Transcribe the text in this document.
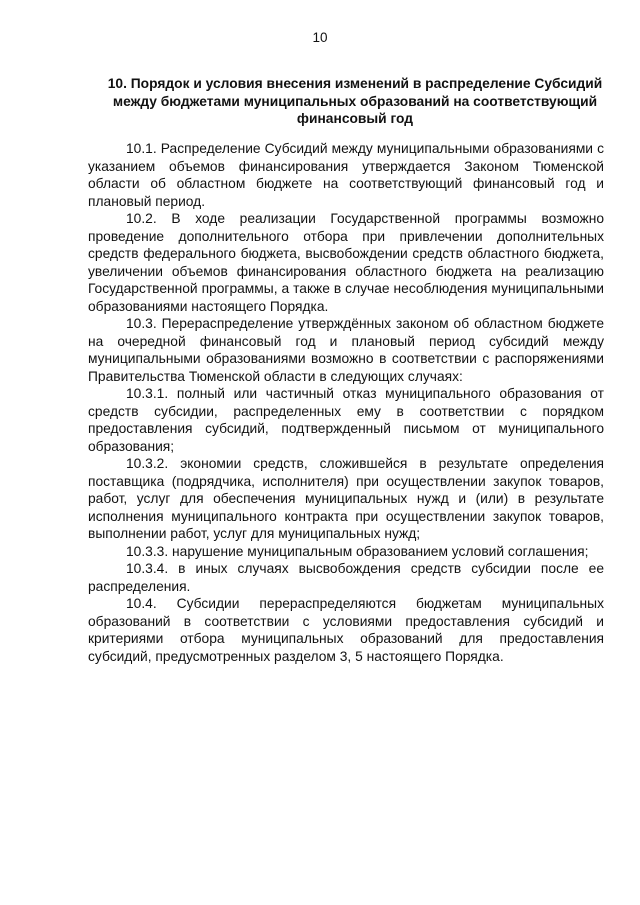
10
10. Порядок и условия внесения изменений в распределение Субсидий между бюджетами муниципальных образований на соответствующий финансовый год

10.1. Распределение Субсидий между муниципальными образованиями с указанием объемов финансирования утверждается Законом Тюменской области об областном бюджете на соответствующий финансовый год и плановый период.

10.2. В ходе реализации Государственной программы возможно проведение дополнительного отбора при привлечении дополнительных средств федерального бюджета, высвобождении средств областного бюджета, увеличении объемов финансирования областного бюджета на реализацию Государственной программы, а также в случае несоблюдения муниципальными образованиями настоящего Порядка.

10.3. Перераспределение утверждённых законом об областном бюджете на очередной финансовый год и плановый период субсидий между муниципальными образованиями возможно в соответствии с распоряжениями Правительства Тюменской области в следующих случаях:

10.3.1. полный или частичный отказ муниципального образования от средств субсидии, распределенных ему в соответствии с порядком предоставления субсидий, подтвержденный письмом от муниципального образования;

10.3.2. экономии средств, сложившейся в результате определения поставщика (подрядчика, исполнителя) при осуществлении закупок товаров, работ, услуг для обеспечения муниципальных нужд и (или) в результате исполнения муниципального контракта при осуществлении закупок товаров, выполнении работ, услуг для муниципальных нужд;

10.3.3. нарушение муниципальным образованием условий соглашения;

10.3.4. в иных случаях высвобождения средств субсидии после ее распределения.

10.4. Субсидии перераспределяются бюджетам муниципальных образований в соответствии с условиями предоставления субсидий и критериями отбора муниципальных образований для предоставления субсидий, предусмотренных разделом 3, 5 настоящего Порядка.
